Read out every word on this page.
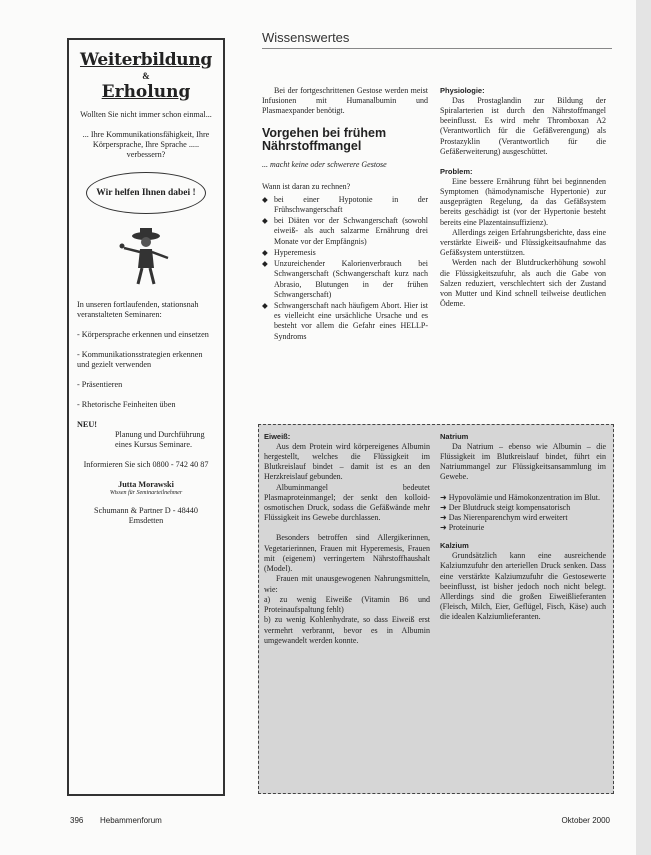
Weiterbildung
&
Erholung
Wollten Sie nicht immer schon einmal...
... Ihre Kommunikationsfähigkeit, Ihre Körpersprache, Ihre Sprache ..... verbessern?
Wir helfen Ihnen dabei !
In unseren fortlaufenden, stationsnah veranstalteten Seminaren:
- Körpersprache erkennen und einsetzen
- Kommunikationsstrategien erkennen und gezielt verwenden
- Präsentieren
- Rhetorische Feinheiten üben
NEU!
Planung und Durchführung eines Kursus Seminare.
Informieren Sie sich 0800 - 742 40 87
Jutta Morawski
Wissen für Seminarteilnehmer
Schumann & Partner D - 48440 Emsdetten
Wissenswertes

Bei der fortgeschrittenen Gestose werden meist Infusionen mit Humanalbumin und Plasmaexpander benötigt.

Vorgehen bei frühem Nährstoffmangel
... macht keine oder schwerere Gestose
Wann ist daran zu rechnen?
◆ bei einer Hypotonie in der Frühschwangerschaft
◆ bei Diäten vor der Schwangerschaft (sowohl eiweiß- als auch salzarme Ernährung drei Monate vor der Empfängnis)
◆ Hyperemesis
◆ Unzureichender Kalorienverbrauch bei Schwangerschaft (Schwangerschaft kurz nach Abrasio, Blutungen in der frühen Schwangerschaft)
◆ Schwangerschaft nach häufigem Abort. Hier ist es vielleicht eine ursächliche Ursache und es besteht vor allem die Gefahr eines HELLP-Syndroms
Physiologie:

Das Prostaglandin zur Bildung der Spiralarterien ist durch den Nährstoffmangel beeinflusst. Es wird mehr Thromboxan A2 (Verantwortlich für die Gefäßverengung) als Prostazyklin (Verantwortlich für die Gefäßerweiterung) ausgeschüttet.

Problem:

Eine bessere Ernährung führt bei beginnenden Symptomen (hämodynamische Hypertonie) zur ausgeprägten Regelung, da das Gefäßsystem bereits geschädigt ist (vor der Hypertonie besteht bereits eine Plazentainsuffizienz).

Allerdings zeigen Erfahrungsberichte, dass eine verstärkte Eiweiß- und Flüssigkeitsaufnahme das Gefäßsystem unterstützen.

Werden nach der Blutdruckerhöhung sowohl die Flüssigkeitszufuhr, als auch die Gabe von Salzen reduziert, verschlechtert sich der Zustand von Mutter und Kind schnell teilweise deutlichen Ödeme.

Eiweiß:

Aus dem Protein wird körpereigenes Albumin hergestellt, welches die Flüssigkeit im Blutkreislauf bindet – damit ist es an den Herzkreislauf gebunden.

Albuminmangel bedeutet Plasmaproteinmangel; der senkt den kolloid-osmotischen Druck, sodass die Gefäßwände mehr Flüssigkeit ins Gewebe durchlassen.

Besonders betroffen sind Allergikerinnen, Vegetarierinnen, Frauen mit Hyperemesis, Frauen mit (eigenem) verringertem Nährstoffhaushalt (Model).

Frauen mit unausgewogenen Nahrungsmitteln, wie:

a) zu wenig Eiweiße (Vitamin B6 und Proteinaufspaltung fehlt)
b) zu wenig Kohlenhydrate, so dass Eiweiß erst vermehrt verbrannt, bevor es in Albumin umgewandelt werden konnte.
Natrium

Da Natrium – ebenso wie Albumin – die Flüssigkeit im Blutkreislauf bindet, führt ein Natriummangel zur Flüssigkeitsansammlung im Gewebe.

➜ Hypovolämie und Hämokonzentration im Blut.

➜ Der Blutdruck steigt kompensatorisch

➜ Das Nierenparenchym wird erweitert

➜ Proteinurie

Kalzium

Grundsätzlich kann eine ausreichende Kalziumzufuhr den arteriellen Druck senken. Dass eine verstärkte Kalziumzufuhr die Gestosewerte beeinflusst, ist bisher jedoch noch nicht belegt. Allerdings sind die großen Eiweißlieferanten (Fleisch, Milch, Eier, Geflügel, Fisch, Käse) auch die idealen Kalziumlieferanten.

396 Hebammenforum	Oktober 2000
